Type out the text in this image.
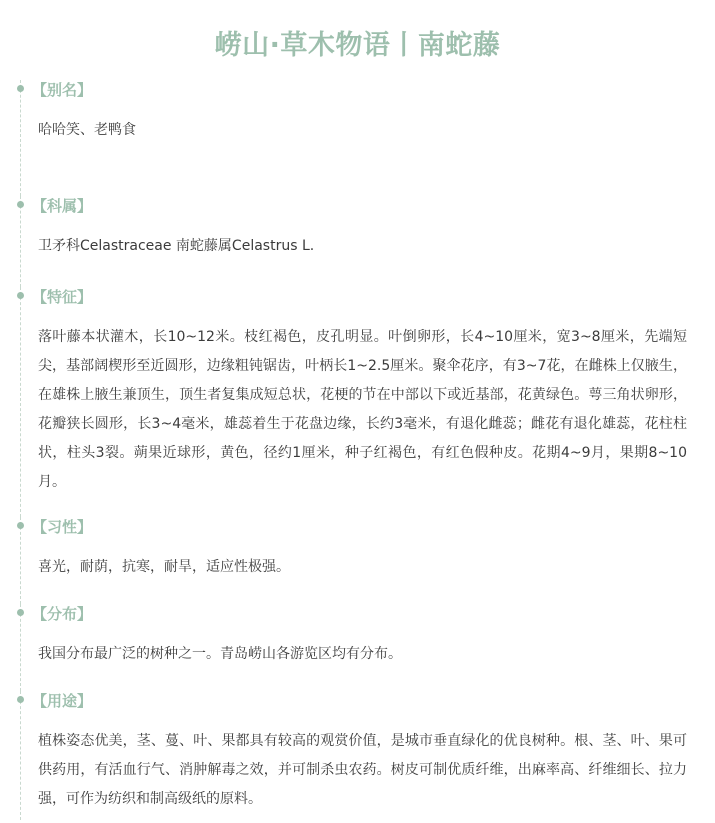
崂山·草木物语丨南蛇藤
【别名】
哈哈笑、老鸭食
【科属】
卫矛科Celastraceae 南蛇藤属Celastrus L.
【特征】
落叶藤本状灌木，长10~12米。枝红褐色，皮孔明显。叶倒卵形，长4~10厘米，宽3~8厘米，先端短尖，基部阔楔形至近圆形，边缘粗钝锯齿，叶柄长1~2.5厘米。聚伞花序，有3~7花，在雌株上仅腋生，在雄株上腋生兼顶生，顶生者复集成短总状，花梗的节在中部以下或近基部，花黄绿色。萼三角状卵形，花瓣狭长圆形，长3~4毫米，雄蕊着生于花盘边缘，长约3毫米，有退化雌蕊；雌花有退化雄蕊，花柱柱状，柱头3裂。蒴果近球形，黄色，径约1厘米，种子红褐色，有红色假种皮。花期4~9月，果期8~10月。
【习性】
喜光，耐荫，抗寒，耐旱，适应性极强。
【分布】
我国分布最广泛的树种之一。青岛崂山各游览区均有分布。
【用途】
植株姿态优美，茎、蔓、叶、果都具有较高的观赏价值，是城市垂直绿化的优良树种。根、茎、叶、果可供药用，有活血行气、消肿解毒之效，并可制杀虫农药。树皮可制优质纤维，出麻率高、纤维细长、拉力强，可作为纺织和制高级纸的原料。
